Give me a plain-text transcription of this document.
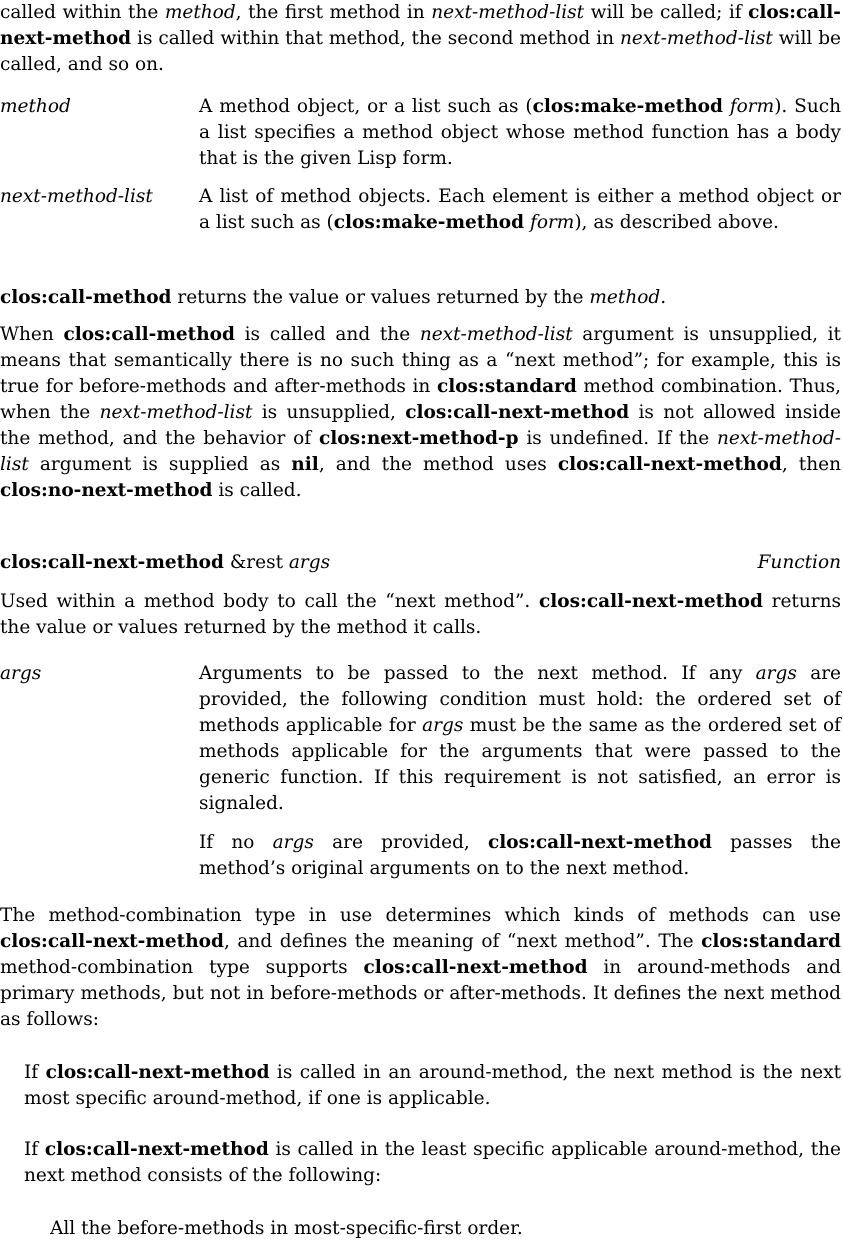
called within the method, the first method in next-method-list will be called; if clos:call-next-method is called within that method, the second method in next-method-list will be called, and so on.

method	A method object, or a list such as (clos:make-method form). Such a list specifies a method object whose method function has a body that is the given Lisp form.

next-method-list A list of method objects. Each element is either a method object or a list such as (clos:make-method form), as described above.

clos:call-method returns the value or values returned by the method.

When clos:call-method is called and the next-method-list argument is unsupplied, it means that semantically there is no such thing as a “next method”; for example, this is true for before-methods and after-methods in clos:standard method combination. Thus, when the next-method-list is unsupplied, clos:call-next-method is not allowed inside the method, and the behavior of clos:next-method-p is undefined. If the next-method-list argument is supplied as nil, and the method uses clos:call-next-method, then clos:no-next-method is called.

clos:call-next-method &rest args	Function

Used within a method body to call the “next method”. clos:call-next-method returns the value or values returned by the method it calls.

args	Arguments to be passed to the next method. If any args are provided, the following condition must hold: the ordered set of methods applicable for args must be the same as the ordered set of methods applicable for the arguments that were passed to the generic function. If this requirement is not satisfied, an error is signaled.

If no args are provided, clos:call-next-method passes the method’s original arguments on to the next method.

The method-combination type in use determines which kinds of methods can use clos:call-next-method, and defines the meaning of “next method”. The clos:standard method-combination type supports clos:call-next-method in around-methods and primary methods, but not in before-methods or after-methods. It defines the next method as follows:

If clos:call-next-method is called in an around-method, the next method is the next most specific around-method, if one is applicable.

If clos:call-next-method is called in the least specific applicable around-method, the next method consists of the following:

All the before-methods in most-specific-first order.
